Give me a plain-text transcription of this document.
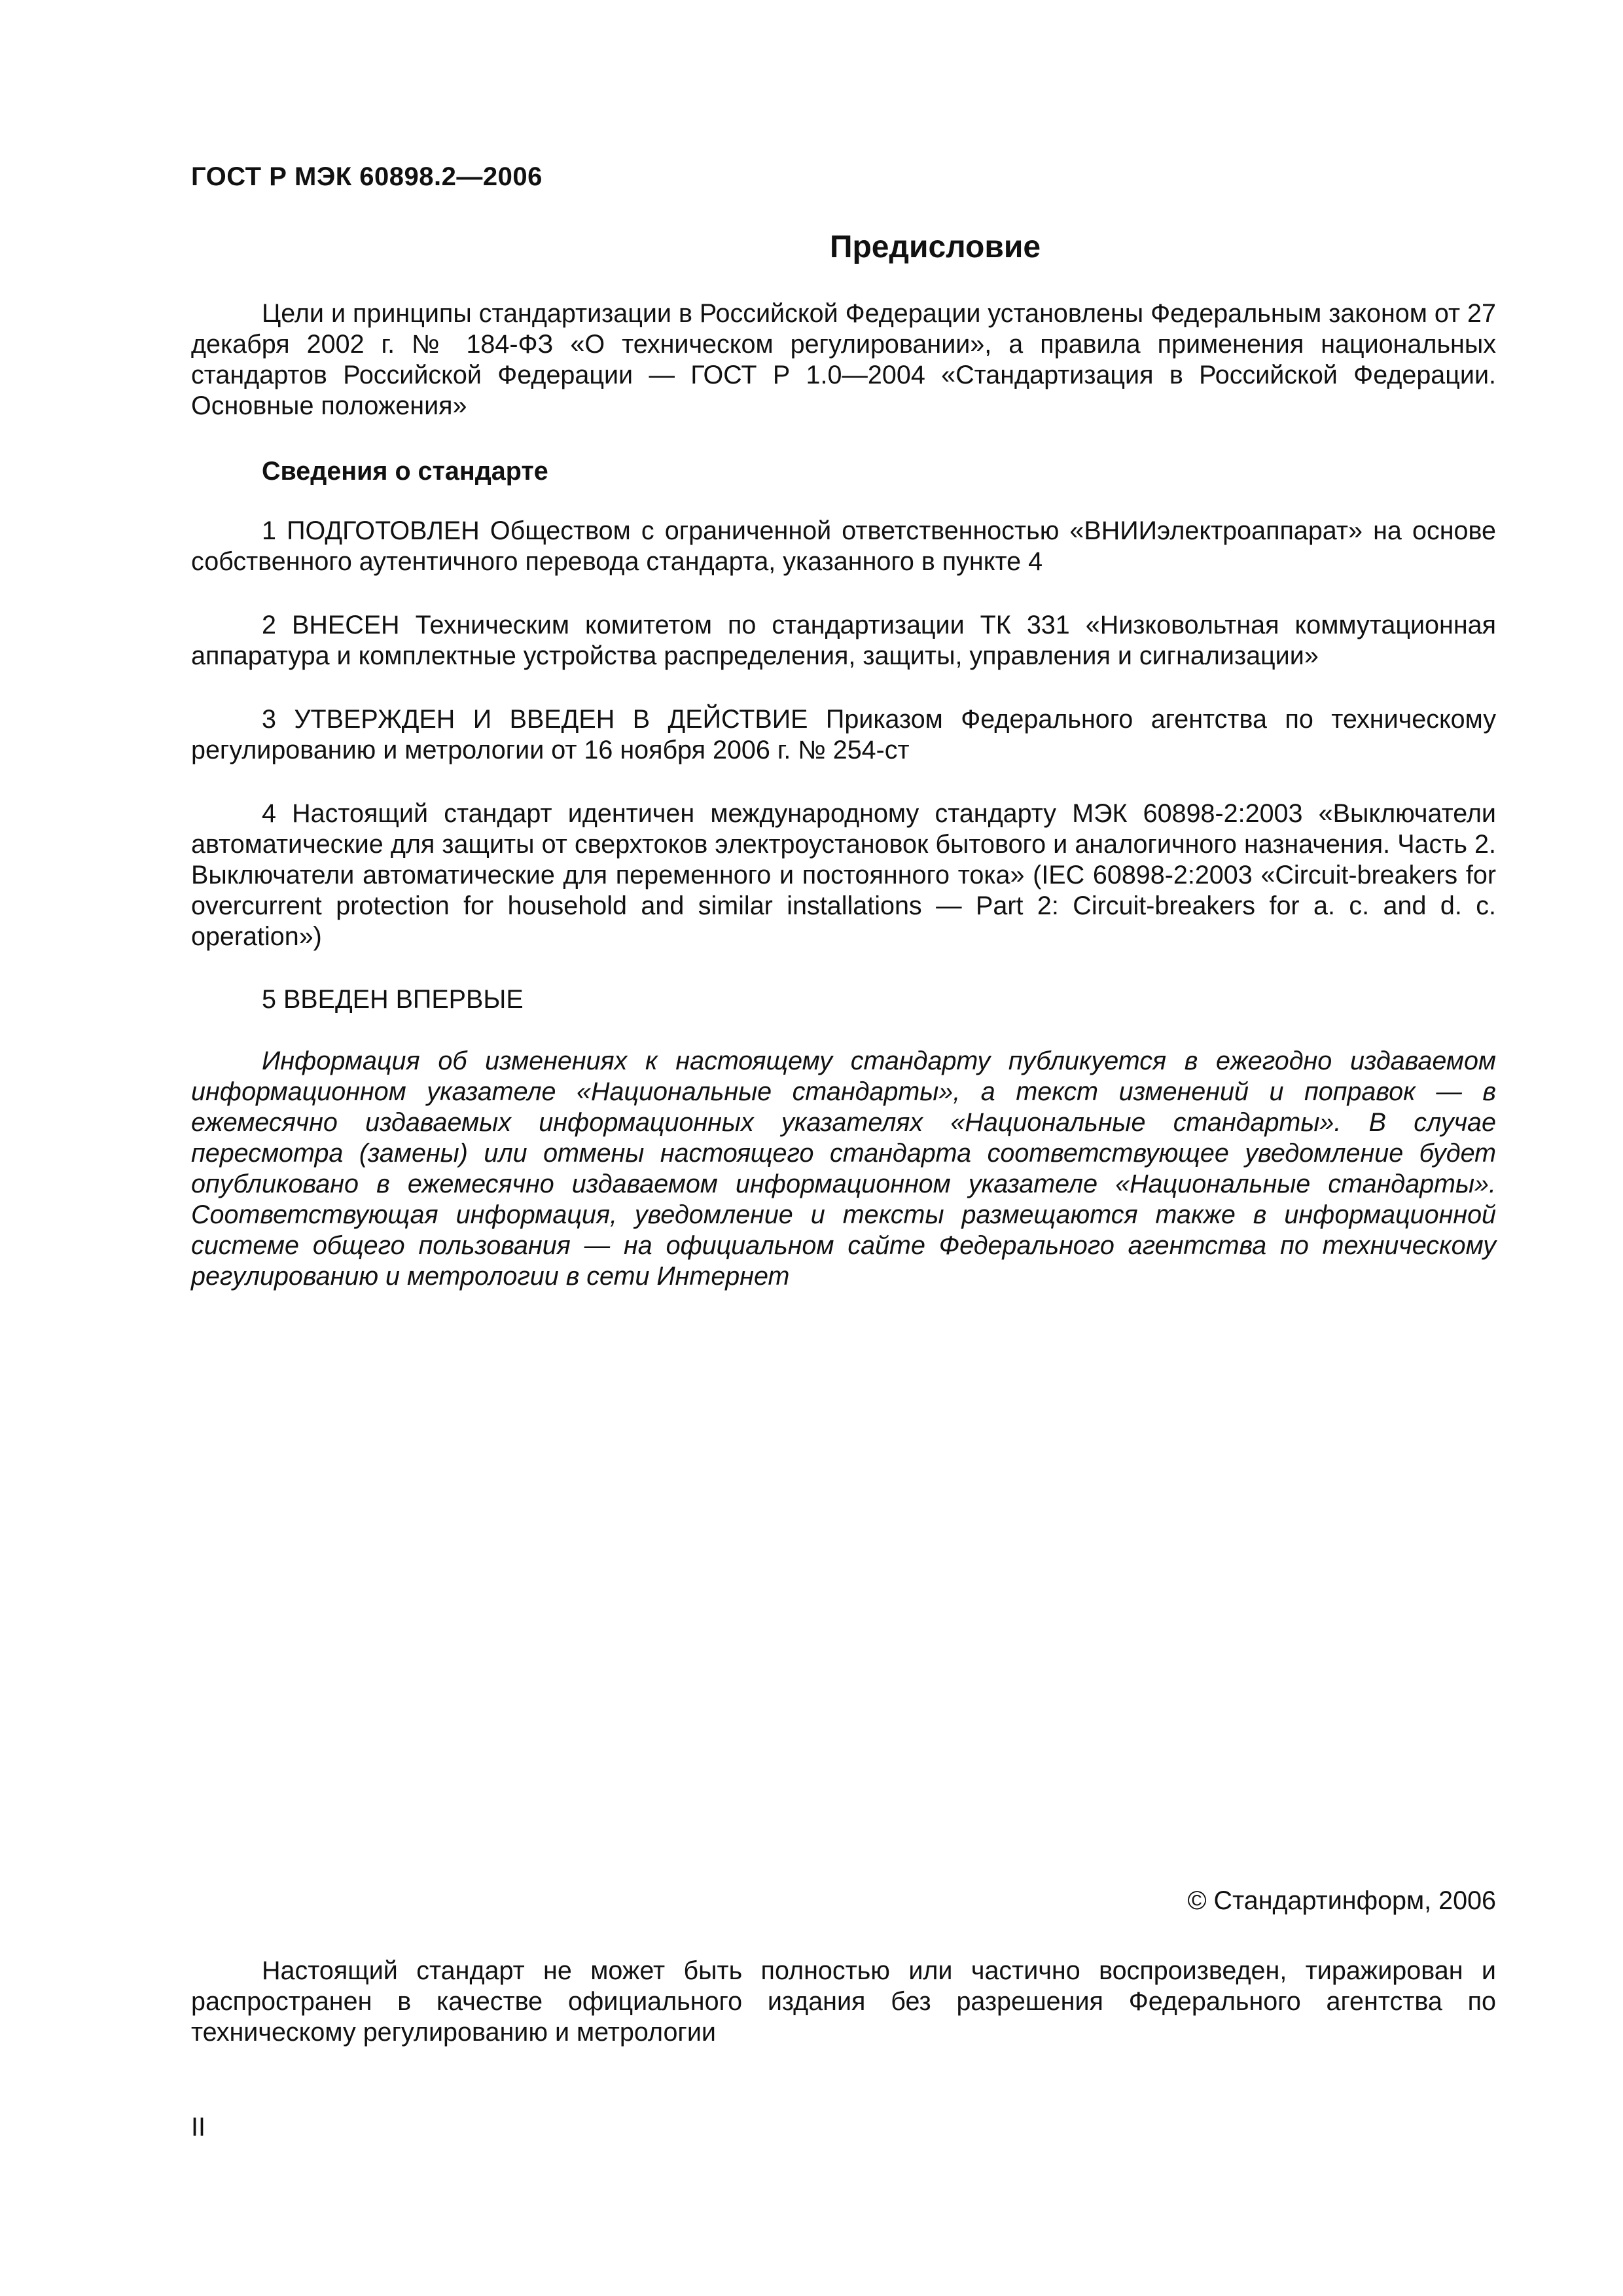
ГОСТ Р МЭК 60898.2—2006
Предисловие
Цели и принципы стандартизации в Российской Федерации установлены Федеральным законом от 27 декабря 2002 г. № 184-ФЗ «О техническом регулировании», а правила применения национальных стандартов Российской Федерации — ГОСТ Р 1.0—2004 «Стандартизация в Российской Федерации. Основные положения»
Сведения о стандарте
1 ПОДГОТОВЛЕН Обществом с ограниченной ответственностью «ВНИИэлектроаппарат» на основе собственного аутентичного перевода стандарта, указанного в пункте 4
2 ВНЕСЕН Техническим комитетом по стандартизации ТК 331 «Низковольтная коммутационная аппаратура и комплектные устройства распределения, защиты, управления и сигнализации»
3 УТВЕРЖДЕН И ВВЕДЕН В ДЕЙСТВИЕ Приказом Федерального агентства по техническому регулированию и метрологии от 16 ноября 2006 г. № 254-ст
4 Настоящий стандарт идентичен международному стандарту МЭК 60898-2:2003 «Выключатели автоматические для защиты от сверхтоков электроустановок бытового и аналогичного назначения. Часть 2. Выключатели автоматические для переменного и постоянного тока» (IEC 60898-2:2003 «Circuit-breakers for overcurrent protection for household and similar installations — Part 2: Circuit-breakers for a. c. and d. c. operation»)
5 ВВЕДЕН ВПЕРВЫЕ
Информация об изменениях к настоящему стандарту публикуется в ежегодно издаваемом информационном указателе «Национальные стандарты», а текст изменений и поправок — в ежемесячно издаваемых информационных указателях «Национальные стандарты». В случае пересмотра (замены) или отмены настоящего стандарта соответствующее уведомление будет опубликовано в ежемесячно издаваемом информационном указателе «Национальные стандарты». Соответствующая информация, уведомление и тексты размещаются также в информационной системе общего пользования — на официальном сайте Федерального агентства по техническому регулированию и метрологии в сети Интернет
© Стандартинформ, 2006
Настоящий стандарт не может быть полностью или частично воспроизведен, тиражирован и распространен в качестве официального издания без разрешения Федерального агентства по техническому регулированию и метрологии
II
